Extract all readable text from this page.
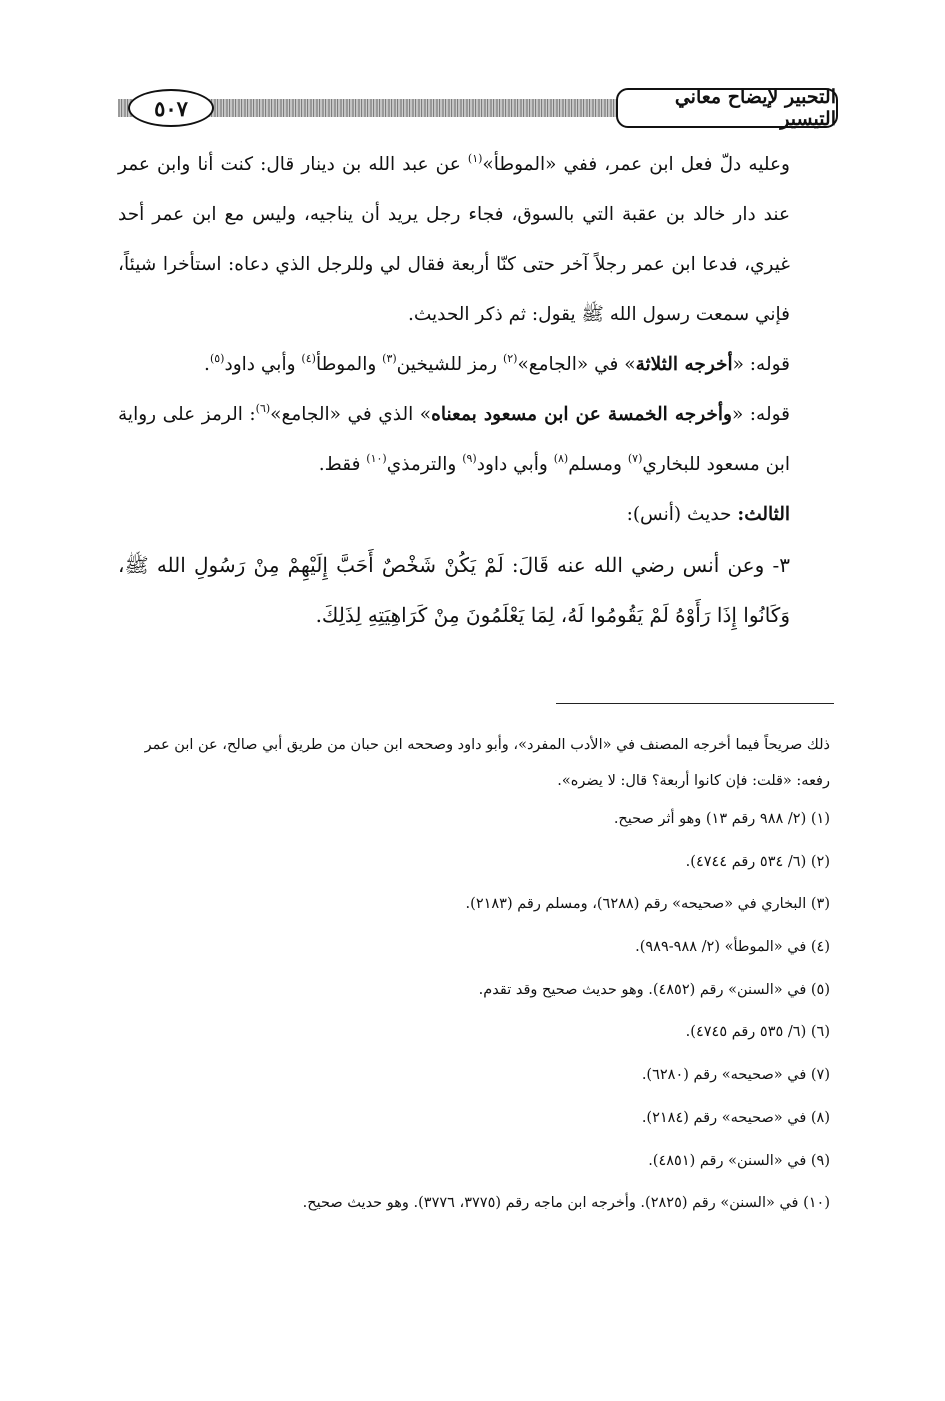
٥٠٧	التحبير لإيضاح معاني التيسير

وعليه دلّ فعل ابن عمر، ففي «الموطأ»$^{(١)}$ عن عبد الله بن دينار قال: كنت أنا وابن عمر عند دار خالد بن عقبة التي بالسوق، فجاء رجل يريد أن يناجيه، وليس مع ابن عمر أحد غيري، فدعا ابن عمر رجلاً آخر حتى كنّا أربعة فقال لي وللرجل الذي دعاه: استأخرا شيئاً، فإني سمعت رسول الله ﷺ يقول: ثم ذكر الحديث.

قوله: «أخرجه الثلاثة» في «الجامع»$^{(٢)}$ رمز للشيخين$^{(٣)}$ والموطأ$^{(٤)}$ وأبي داود$^{(٥)}$.

قوله: «وأخرجه الخمسة عن ابن مسعود بمعناه» الذي في «الجامع»$^{(٦)}$: الرمز على رواية ابن مسعود للبخاري$^{(٧)}$ ومسلم$^{(٨)}$ وأبي داود$^{(٩)}$ والترمذي$^{(١٠)}$ فقط.

الثالث: حديث (أنس):

٣- وعن أنس رضي الله عنه قَالَ: لَمْ يَكُنْ شَخْصٌ أَحَبَّ إِلَيْهِمْ مِنْ رَسُولِ الله ﷺ، وَكَانُوا إِذَا رَأَوْهُ لَمْ يَقُومُوا لَهُ، لِمَا يَعْلَمُونَ مِنْ كَرَاهِيَتِهِ لِذَلِكَ.

ذلك صريحاً فيما أخرجه المصنف في «الأدب المفرد»، وأبو داود وصححه ابن حبان من طريق أبي صالح، عن ابن عمر رفعه: «قلت: فإن كانوا أربعة؟ قال: لا يضره».
(١) (٢/ ٩٨٨ رقم ١٣) وهو أثر صحيح.
(٢) (٦/ ٥٣٤ رقم ٤٧٤٤).
(٣) البخاري في «صحيحه» رقم (٦٢٨٨)، ومسلم رقم (٢١٨٣).
(٤) في «الموطأ» (٢/ ٩٨٨-٩٨٩).
(٥) في «السنن» رقم (٤٨٥٢). وهو حديث صحيح وقد تقدم.
(٦) (٦/ ٥٣٥ رقم ٤٧٤٥).
(٧) في «صحيحه» رقم (٦٢٨٠).
(٨) في «صحيحه» رقم (٢١٨٤).
(٩) في «السنن» رقم (٤٨٥١).
(١٠) في «السنن» رقم (٢٨٢٥). وأخرجه ابن ماجه رقم (٣٧٧٥، ٣٧٧٦). وهو حديث صحيح.
